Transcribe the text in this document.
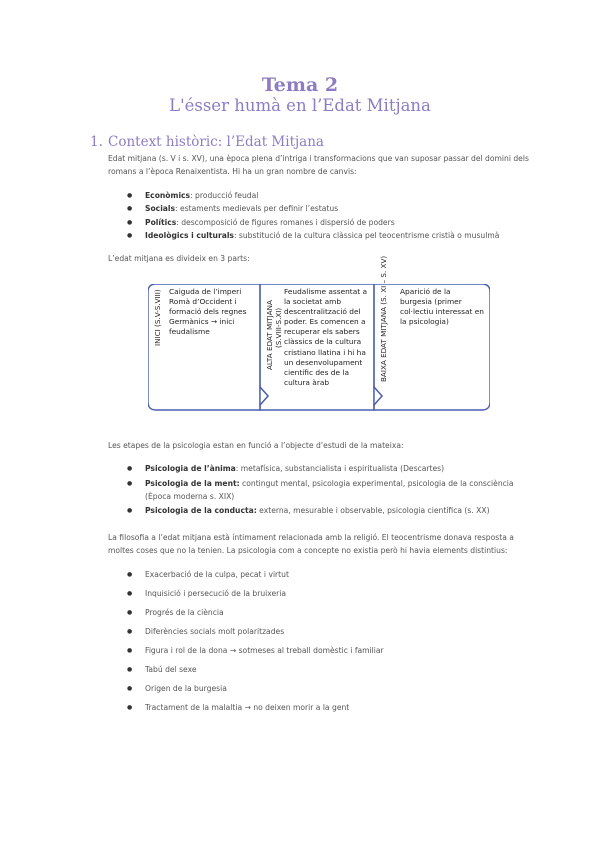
Tema 2
L'ésser humà en l’Edat Mitjana
1. Context històric: l’Edat Mitjana
Edat mitjana (s. V i s. XV), una època plena d’intriga i transformacions que van suposar passar del domini dels romans a l’època Renaixentista. Hi ha un gran nombre de canvis:
● Econòmics: producció feudal
● Socials: estaments medievals per definir l’estatus
● Polítics: descomposició de figures romanes i dispersió de poders
● Ideològics i culturals: substitució de la cultura clàssica pel teocentrisme cristià o musulmà
L’edat mitjana es divideix en 3 parts:
INICI (S.V-S.VIII) Caiguda de l’imperi Romà d’Occident i formació dels regnes Germànics → inici feudalisme	ALTA EDAT MITJANA (S.VIII-S.XI)
Feudalisme assentat a la societat amb descentralització del poder. Es comencen a recuperar els sabers clàssics de la cultura cristiano llatina i hi ha un desenvolupament científic des de la cultura àrab
BAIXA EDAT MITJANA (S. XI – S. XV) Aparició de la burgesia (primer col·lectiu interessat en la psicologia)
Les etapes de la psicologia estan en funció a l’objecte d’estudi de la mateixa:
● Psicologia de l’ànima: metafísica, substancialista i espiritualista (Descartes)
● Psicologia de la ment: contingut mental, psicologia experimental, psicologia de la consciència (Època moderna s. XIX)
● Psicologia de la conducta: externa, mesurable i observable, psicologia científica (s. XX)
La filosofia a l’edat mitjana està íntimament relacionada amb la religió. El teocentrisme donava resposta a moltes coses que no la tenien. La psicologia com a concepte no existia però hi havia elements distintius:
● Exacerbació de la culpa, pecat i virtut
● Inquisició i persecució de la bruixeria
● Progrés de la ciència
● Diferències socials molt polaritzades
● Figura i rol de la dona → sotmeses al treball domèstic i familiar
● Tabú del sexe
● Origen de la burgesia
● Tractament de la malaltia → no deixen morir a la gent
